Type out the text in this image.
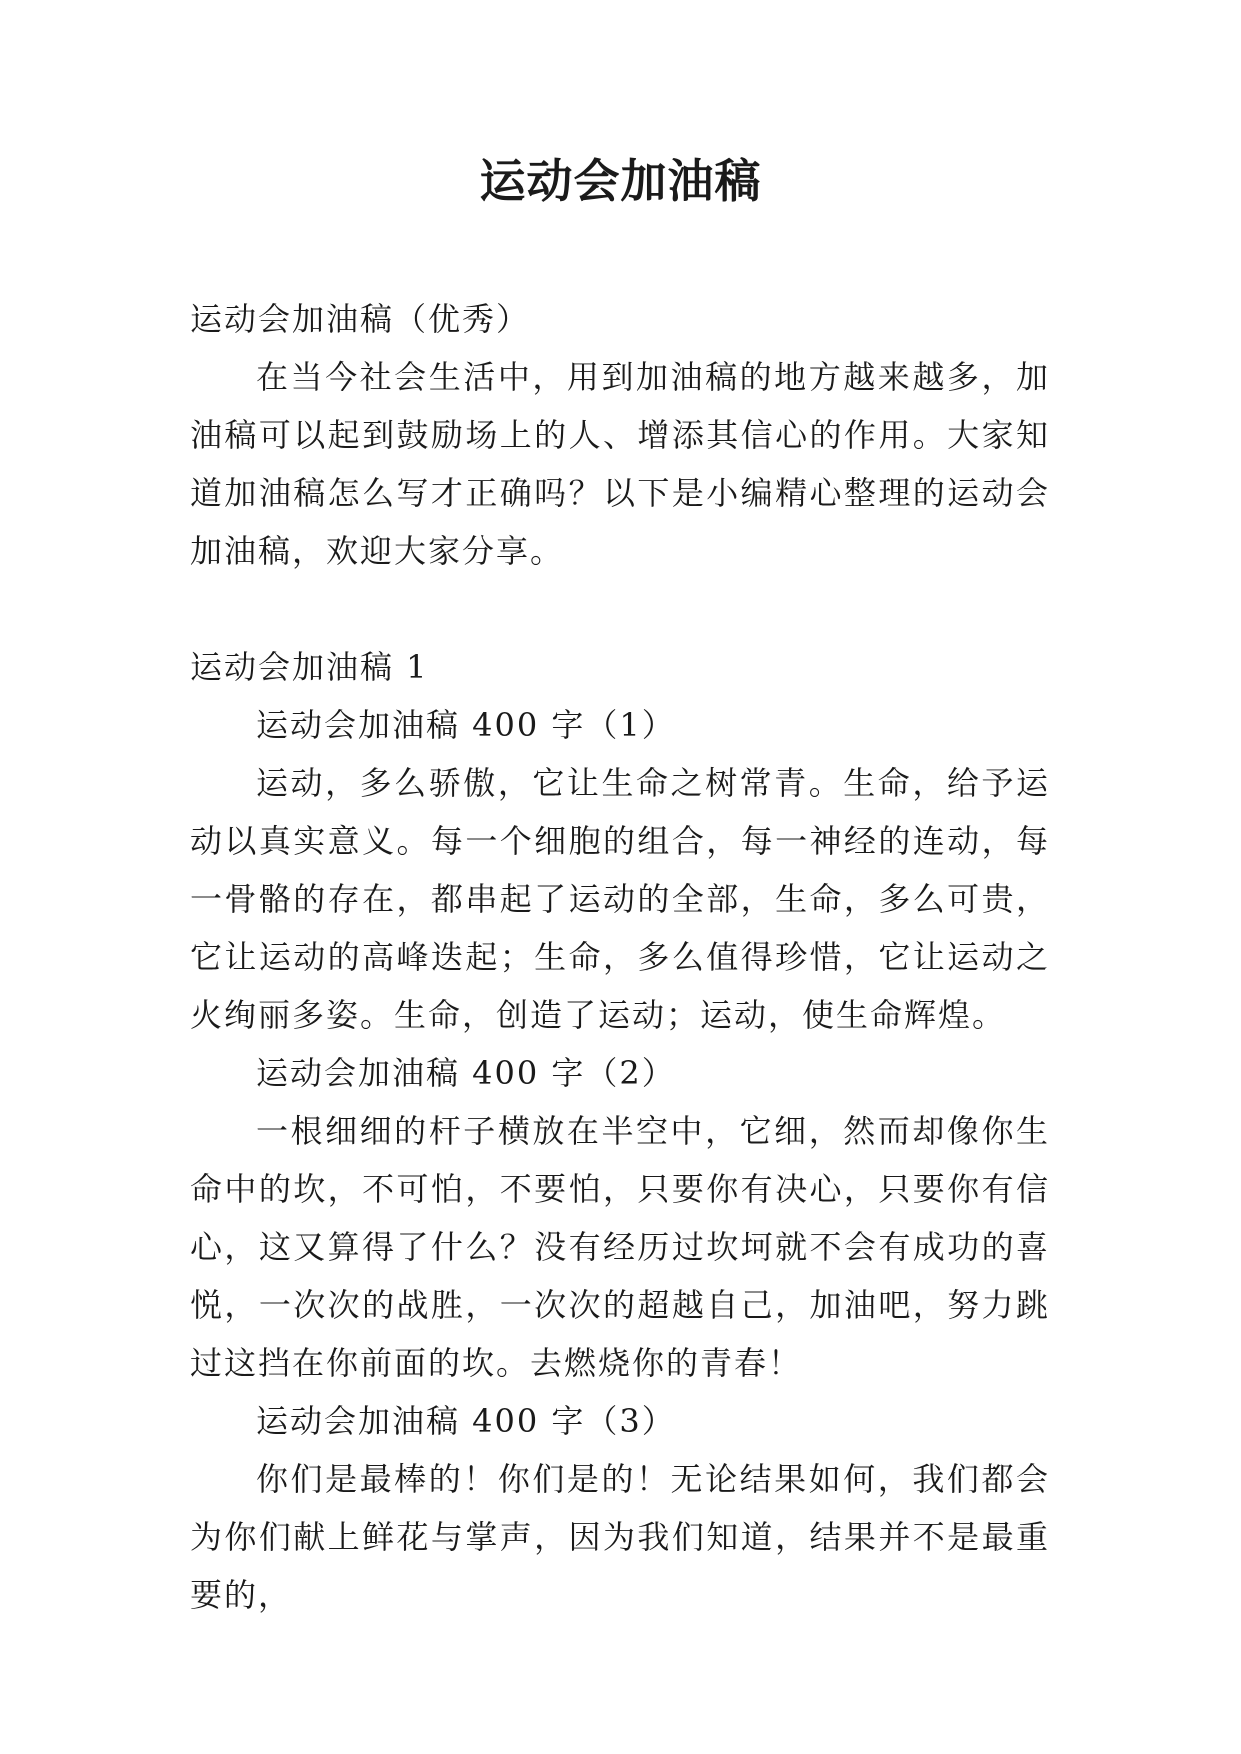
运动会加油稿

运动会加油稿（优秀）

在当今社会生活中，用到加油稿的地方越来越多，加油稿可以起到鼓励场上的人、增添其信心的作用。大家知道加油稿怎么写才正确吗？以下是小编精心整理的运动会加油稿，欢迎大家分享。

运动会加油稿 1

运动会加油稿 400 字（1）

运动，多么骄傲，它让生命之树常青。生命，给予运动以真实意义。每一个细胞的组合，每一神经的连动，每一骨骼的存在，都串起了运动的全部，生命，多么可贵，它让运动的高峰迭起；生命，多么值得珍惜，它让运动之火绚丽多姿。生命，创造了运动；运动，使生命辉煌。

运动会加油稿 400 字（2）

一根细细的杆子横放在半空中，它细，然而却像你生命中的坎，不可怕，不要怕，只要你有决心，只要你有信心，这又算得了什么？没有经历过坎坷就不会有成功的喜悦，一次次的战胜，一次次的超越自己，加油吧，努力跳过这挡在你前面的坎。去燃烧你的青春！

运动会加油稿 400 字（3）

你们是最棒的！你们是的！无论结果如何，我们都会为你们献上鲜花与掌声，因为我们知道，结果并不是最重要的，
